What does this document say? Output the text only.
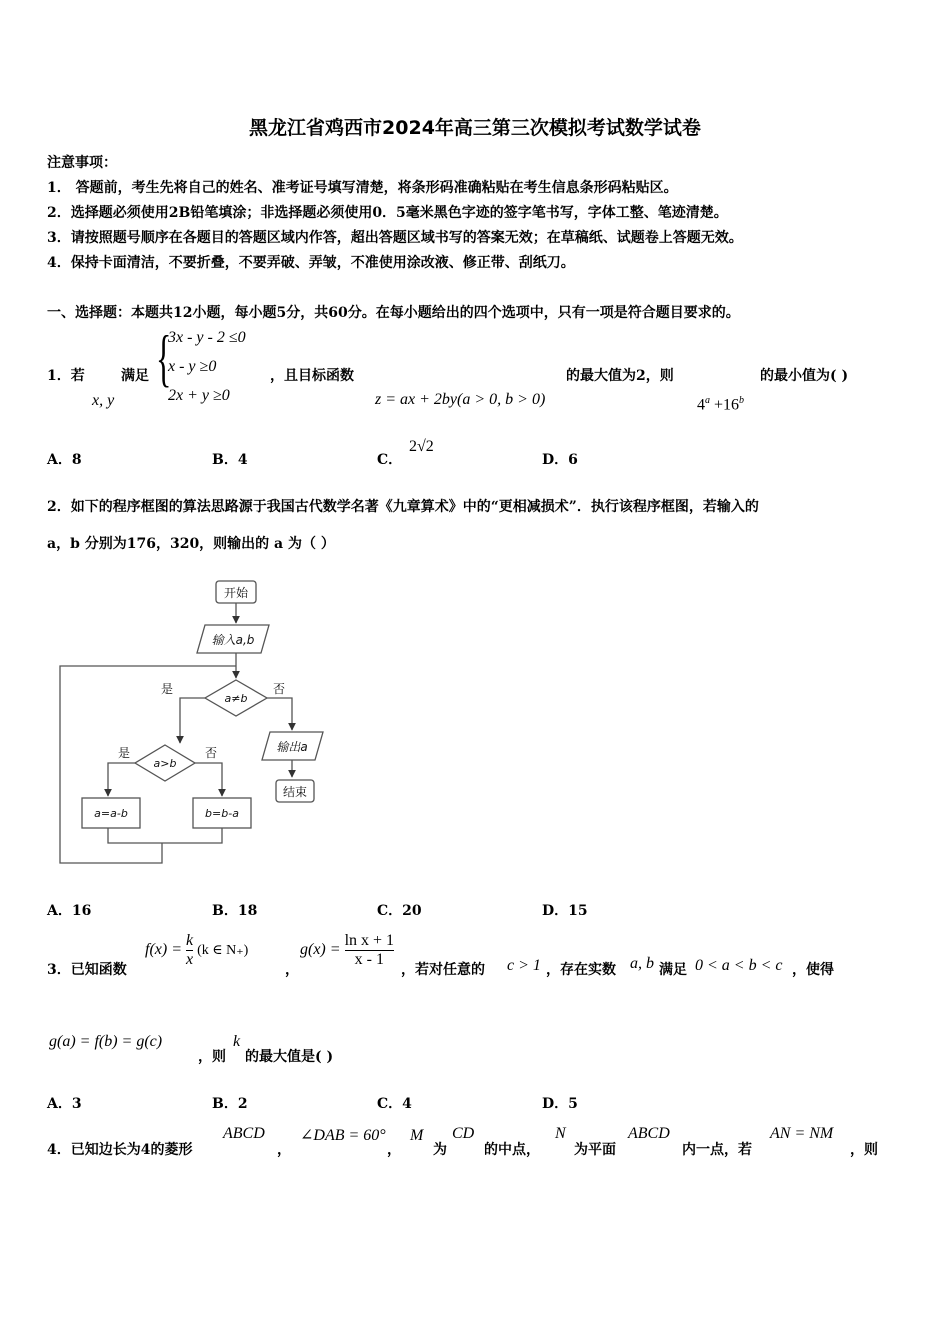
黑龙江省鸡西市2024年高三第三次模拟考试数学试卷
注意事项：
1． 答题前，考生先将自己的姓名、准考证号填写清楚，将条形码准确粘贴在考生信息条形码粘贴区。
2．选择题必须使用2B铅笔填涂；非选择题必须使用0．5毫米黑色字迹的签字笔书写，字体工整、笔迹清楚。
3．请按照题号顺序在各题目的答题区域内作答，超出答题区域书写的答案无效；在草稿纸、试题卷上答题无效。
4．保持卡面清洁，不要折叠，不要弄破、弄皱，不准使用涂改液、修正带、刮纸刀。
一、选择题：本题共12小题，每小题5分，共60分。在每小题给出的四个选项中，只有一项是符合题目要求的。
1．若	满足
x, y
{
3x - y - 2 ≤0
x - y ≥0
2x + y ≥0
，且目标函数
z = ax + 2by(a > 0, b > 0)
的最大值为2，则
$4^a +16^b$
的最小值为( )
A．8	B．4	C．
2√2
D．6
2．如下的程序框图的算法思路源于我国古代数学名著《九章算术》中的“更相减损术”．执行该程序框图，若输入的
a，b 分别为176，320，则输出的 a 为（ ）
开始
输入a,b
a≠b
是	否
输出a
结束
a>b
是	否
a=a-b	b=b-a
A．16	B．18	C．20	D．15
3．已知函数
$f(x) = \frac{k}{x} (k$ ∈ N₊)
，
$g(x) = \frac{\text{ln x + 1}}{x - 1}$
，若对任意的 c > 1 ，存在实数 a, b 满足 0 < a < b < c ，使得
g(a) = f(b) = g(c)
，则
k
的最大值是( )
A．3	B．2	C．4	D．5
4．已知边长为4的菱形
ABCD
，
∠DAB = 60°
，
M
为
CD
的中点，
N
为平面
ABCD
内一点，若
AN = NM
，则
